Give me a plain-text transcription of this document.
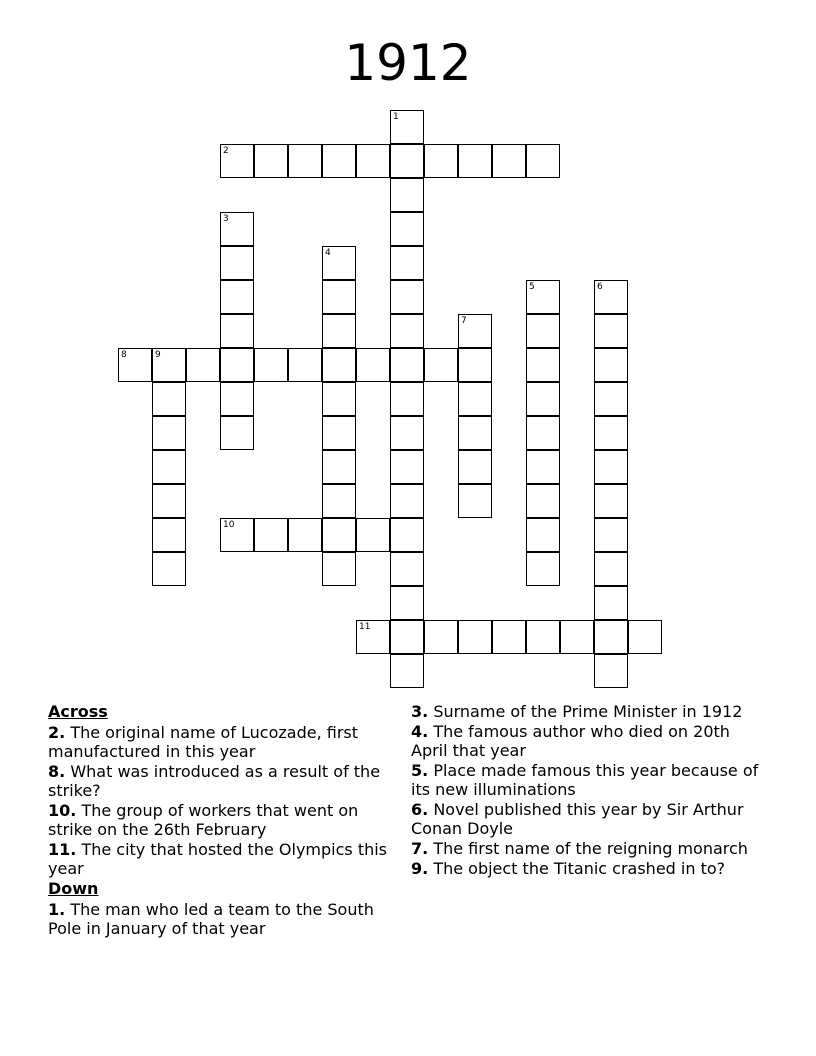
1912
1
2
3
4
5	6
7
8	9
10
11
Across
2. The original name of Lucozade, first manufactured in this year
8. What was introduced as a result of the strike?
10. The group of workers that went on strike on the 26th February
11. The city that hosted the Olympics this year
Down
1. The man who led a team to the South Pole in January of that year
3. Surname of the Prime Minister in 1912
4. The famous author who died on 20th April that year
5. Place made famous this year because of its new illuminations
6. Novel published this year by Sir Arthur Conan Doyle
7. The first name of the reigning monarch
9. The object the Titanic crashed in to?
